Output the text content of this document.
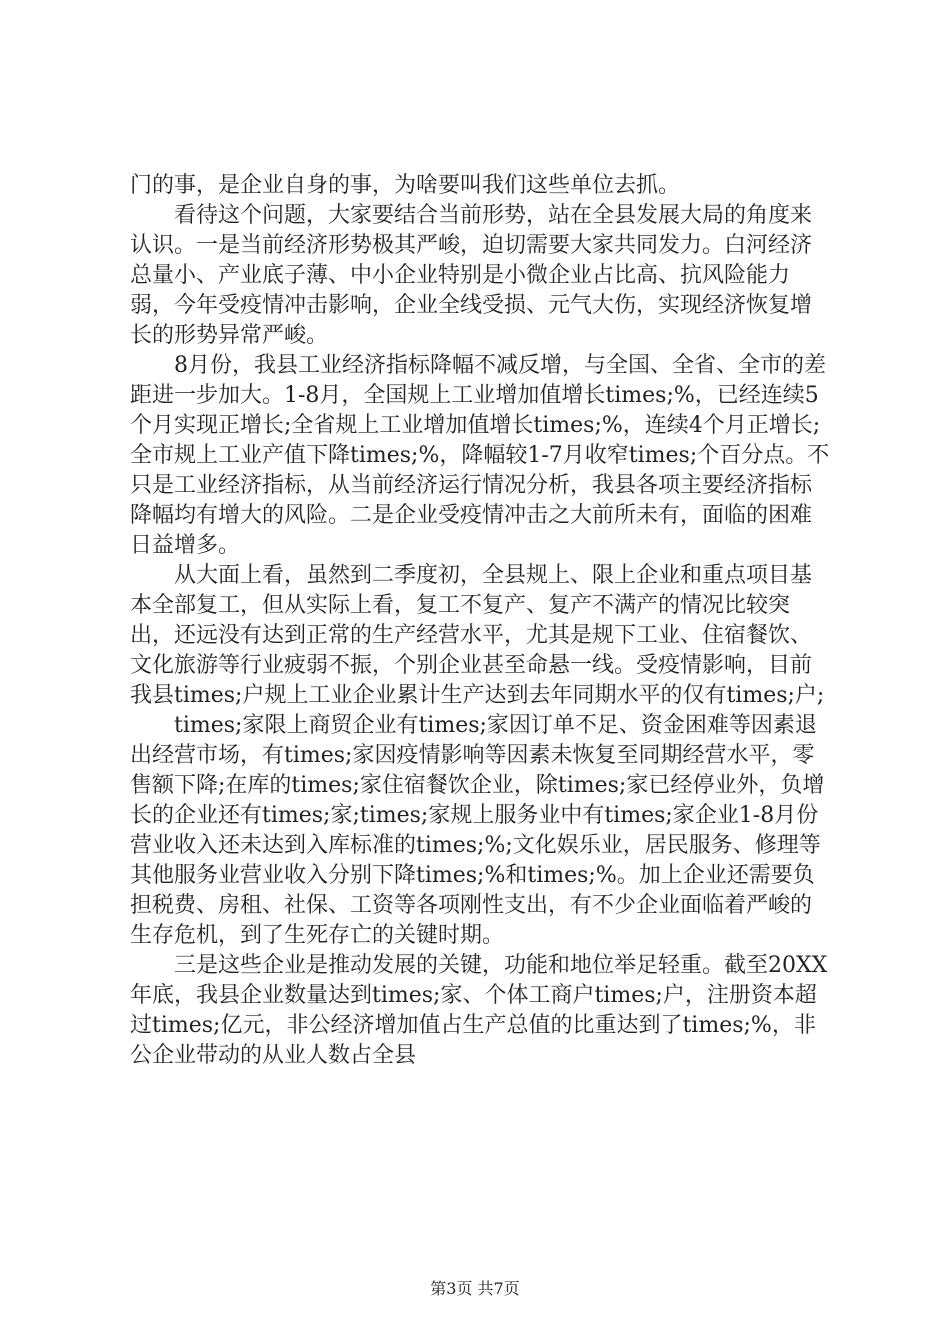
门的事，是企业自身的事，为啥要叫我们这些单位去抓。

看待这个问题，大家要结合当前形势，站在全县发展大局的角度来认识。一是当前经济形势极其严峻，迫切需要大家共同发力。白河经济总量小、产业底子薄、中小企业特别是小微企业占比高、抗风险能力弱，今年受疫情冲击影响，企业全线受损、元气大伤，实现经济恢复增长的形势异常严峻。

8月份，我县工业经济指标降幅不减反增，与全国、全省、全市的差距进一步加大。1-8月，全国规上工业增加值增长times;%，已经连续5个月实现正增长;全省规上工业增加值增长times;%，连续4个月正增长;全市规上工业产值下降times;%，降幅较1-7月收窄times;个百分点。不只是工业经济指标，从当前经济运行情况分析，我县各项主要经济指标降幅均有增大的风险。二是企业受疫情冲击之大前所未有，面临的困难日益增多。

从大面上看，虽然到二季度初，全县规上、限上企业和重点项目基本全部复工，但从实际上看，复工不复产、复产不满产的情况比较突出，还远没有达到正常的生产经营水平，尤其是规下工业、住宿餐饮、文化旅游等行业疲弱不振，个别企业甚至命悬一线。受疫情影响，目前我县times;户规上工业企业累计生产达到去年同期水平的仅有times;户;

times;家限上商贸企业有times;家因订单不足、资金困难等因素退出经营市场，有times;家因疫情影响等因素未恢复至同期经营水平，零售额下降;在库的times;家住宿餐饮企业，除times;家已经停业外，负增长的企业还有times;家;times;家规上服务业中有times;家企业1-8月份营业收入还未达到入库标准的times;%;文化娱乐业，居民服务、修理等其他服务业营业收入分别下降times;%和times;%。加上企业还需要负担税费、房租、社保、工资等各项刚性支出，有不少企业面临着严峻的生存危机，到了生死存亡的关键时期。

三是这些企业是推动发展的关键，功能和地位举足轻重。截至20XX年底，我县企业数量达到times;家、个体工商户times;户，注册资本超过times;亿元，非公经济增加值占生产总值的比重达到了times;%，非公企业带动的从业人数占全县

第3页 共7页
